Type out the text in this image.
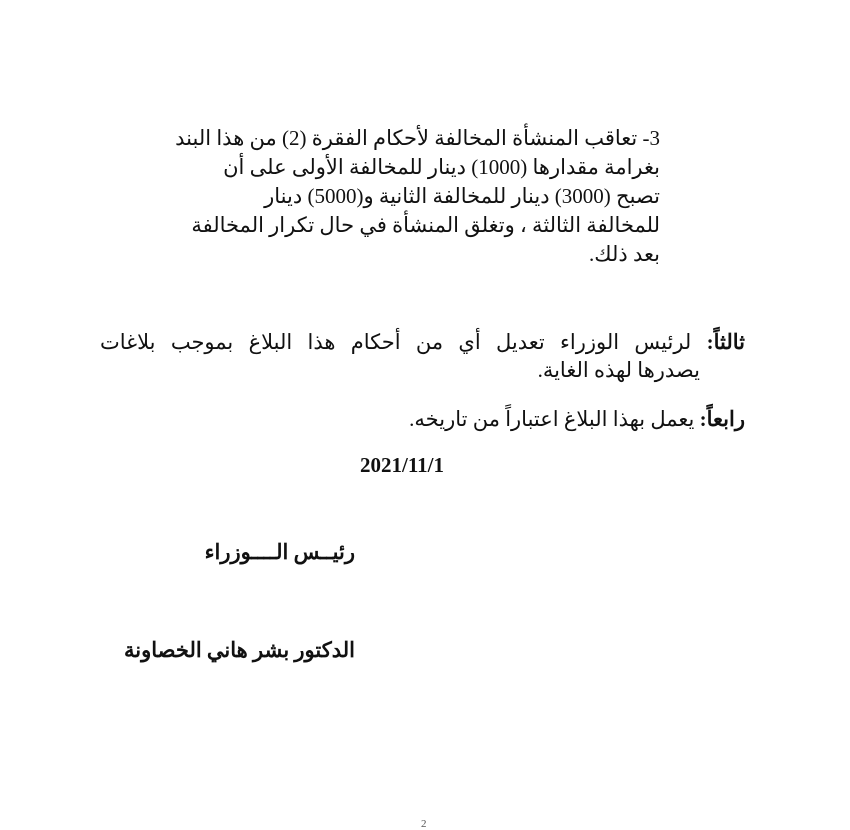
3- تعاقب المنشأة المخالفة لأحكام الفقرة (2) من هذا البند

بغرامة مقدارها (1000) دينار للمخالفة الأولى على أن

تصبح (3000) دينار للمخالفة الثانية و(5000) دينار

للمخالفة الثالثة ، وتغلق المنشأة في حال تكرار المخالفة

بعد ذلك.

ثالثاً: لرئيس الوزراء تعديل أي من أحكام هذا البلاغ بموجب بلاغات
يصدرها لهذه الغاية.
رابعاً: يعمل بهذا البلاغ اعتباراً من تاريخه.
2021/11/1
رئيــس الــــوزراء
الدكتور بشر هاني الخصاونة
2
